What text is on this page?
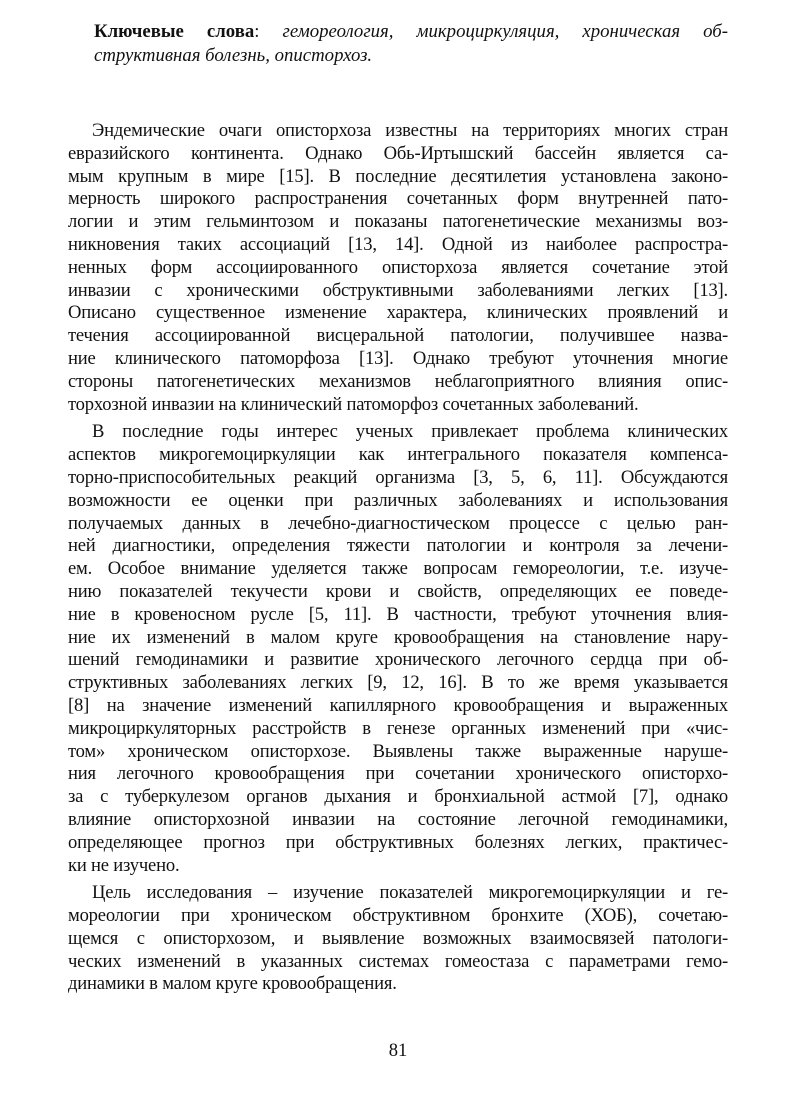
Ключевые слова: гемореология, микроциркуляция, хроническая об- структивная болезнь, описторхоз.

Эндемические очаги описторхоза известны на территориях многих стран
евразийского континента. Однако Обь-Иртышский бассейн является са-
мым крупным в мире [15]. В последние десятилетия установлена законо-
мерность широкого распространения сочетанных форм внутренней пато-
логии и этим гельминтозом и показаны патогенетические механизмы воз-
никновения таких ассоциаций [13, 14]. Одной из наиболее распростра-
ненных форм ассоциированного описторхоза является сочетание этой
инвазии с хроническими обструктивными заболеваниями легких [13].
Описано существенное изменение характера, клинических проявлений и
течения ассоциированной висцеральной патологии, получившее назва-
ние клинического патоморфоза [13]. Однако требуют уточнения многие
стороны патогенетических механизмов неблагоприятного влияния опис-
торхозной инвазии на клинический патоморфоз сочетанных заболеваний.
В последние годы интерес ученых привлекает проблема клинических
аспектов микрогемоциркуляции как интегрального показателя компенса-
торно-приспособительных реакций организма [3, 5, 6, 11]. Обсуждаются
возможности ее оценки при различных заболеваниях и использования
получаемых данных в лечебно-диагностическом процессе с целью ран-
ней диагностики, определения тяжести патологии и контроля за лечени-
ем. Особое внимание уделяется также вопросам гемореологии, т.е. изуче-
нию показателей текучести крови и свойств, определяющих ее поведе-
ние в кровеносном русле [5, 11]. В частности, требуют уточнения влия-
ние их изменений в малом круге кровообращения на становление нару-
шений гемодинамики и развитие хронического легочного сердца при об-
структивных заболеваниях легких [9, 12, 16]. В то же время указывается
[8] на значение изменений капиллярного кровообращения и выраженных
микроциркуляторных расстройств в генезе органных изменений при «чис-
том» хроническом описторхозе. Выявлены также выраженные наруше-
ния легочного кровообращения при сочетании хронического описторхо-
за с туберкулезом органов дыхания и бронхиальной астмой [7], однако
влияние описторхозной инвазии на состояние легочной гемодинамики,
определяющее прогноз при обструктивных болезнях легких, практичес-
ки не изучено.
Цель исследования – изучение показателей микрогемоциркуляции и ге-
мореологии при хроническом обструктивном бронхите (ХОБ), сочетаю-
щемся с описторхозом, и выявление возможных взаимосвязей патологи-
ческих изменений в указанных системах гомеостаза с параметрами гемо-
динамики в малом круге кровообращения.
81
